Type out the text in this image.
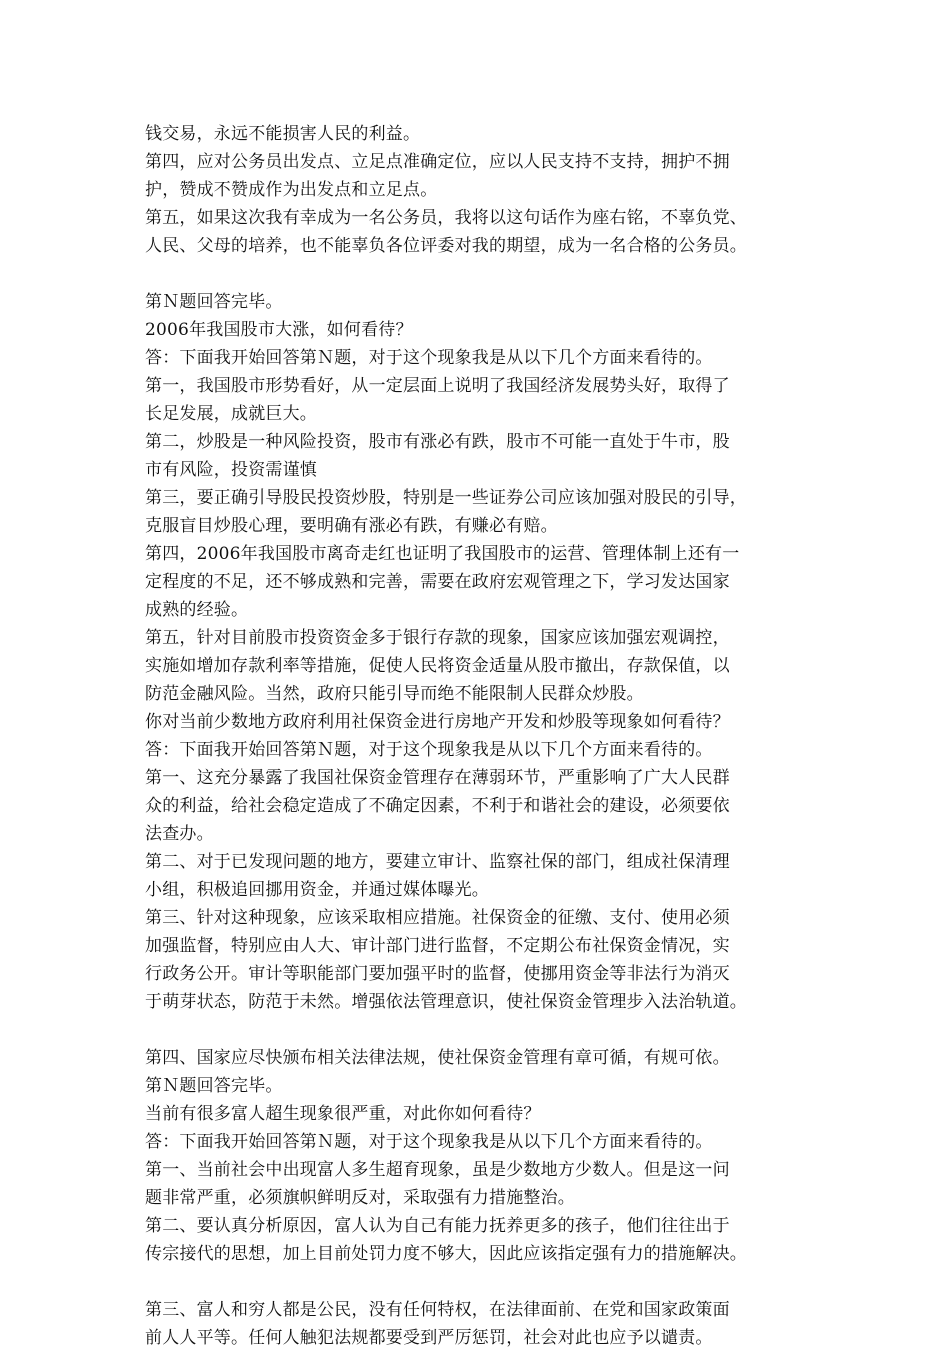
钱交易，永远不能损害人民的利益。
第四，应对公务员出发点、立足点准确定位，应以人民支持不支持，拥护不拥
护，赞成不赞成作为出发点和立足点。
第五，如果这次我有幸成为一名公务员，我将以这句话作为座右铭，不辜负党、
人民、父母的培养，也不能辜负各位评委对我的期望，成为一名合格的公务员。
第Ｎ题回答完毕。
2006年我国股市大涨，如何看待？
答：下面我开始回答第Ｎ题，对于这个现象我是从以下几个方面来看待的。
第一，我国股市形势看好，从一定层面上说明了我国经济发展势头好，取得了
长足发展，成就巨大。
第二，炒股是一种风险投资，股市有涨必有跌，股市不可能一直处于牛市，股
市有风险，投资需谨慎
第三，要正确引导股民投资炒股，特别是一些证券公司应该加强对股民的引导，
克服盲目炒股心理，要明确有涨必有跌，有赚必有赔。
第四，2006年我国股市离奇走红也证明了我国股市的运营、管理体制上还有一
定程度的不足，还不够成熟和完善，需要在政府宏观管理之下，学习发达国家
成熟的经验。
第五，针对目前股市投资资金多于银行存款的现象，国家应该加强宏观调控，
实施如增加存款利率等措施，促使人民将资金适量从股市撤出，存款保值，以
防范金融风险。当然，政府只能引导而绝不能限制人民群众炒股。
你对当前少数地方政府利用社保资金进行房地产开发和炒股等现象如何看待？
答：下面我开始回答第Ｎ题，对于这个现象我是从以下几个方面来看待的。
第一、这充分暴露了我国社保资金管理存在薄弱环节，严重影响了广大人民群
众的利益，给社会稳定造成了不确定因素，不利于和谐社会的建设，必须要依
法查办。
第二、对于已发现问题的地方，要建立审计、监察社保的部门，组成社保清理
小组，积极追回挪用资金，并通过媒体曝光。
第三、针对这种现象，应该采取相应措施。社保资金的征缴、支付、使用必须
加强监督，特别应由人大、审计部门进行监督，不定期公布社保资金情况，实
行政务公开。审计等职能部门要加强平时的监督，使挪用资金等非法行为消灭
于萌芽状态，防范于未然。增强依法管理意识，使社保资金管理步入法治轨道。
第四、国家应尽快颁布相关法律法规，使社保资金管理有章可循，有规可依。
第Ｎ题回答完毕。
当前有很多富人超生现象很严重，对此你如何看待？
答：下面我开始回答第Ｎ题，对于这个现象我是从以下几个方面来看待的。
第一、当前社会中出现富人多生超育现象，虽是少数地方少数人。但是这一问
题非常严重，必须旗帜鲜明反对，采取强有力措施整治。
第二、要认真分析原因，富人认为自己有能力抚养更多的孩子，他们往往出于
传宗接代的思想，加上目前处罚力度不够大，因此应该指定强有力的措施解决。
第三、富人和穷人都是公民，没有任何特权，在法律面前、在党和国家政策面
前人人平等。任何人触犯法规都要受到严厉惩罚，社会对此也应予以谴责。
